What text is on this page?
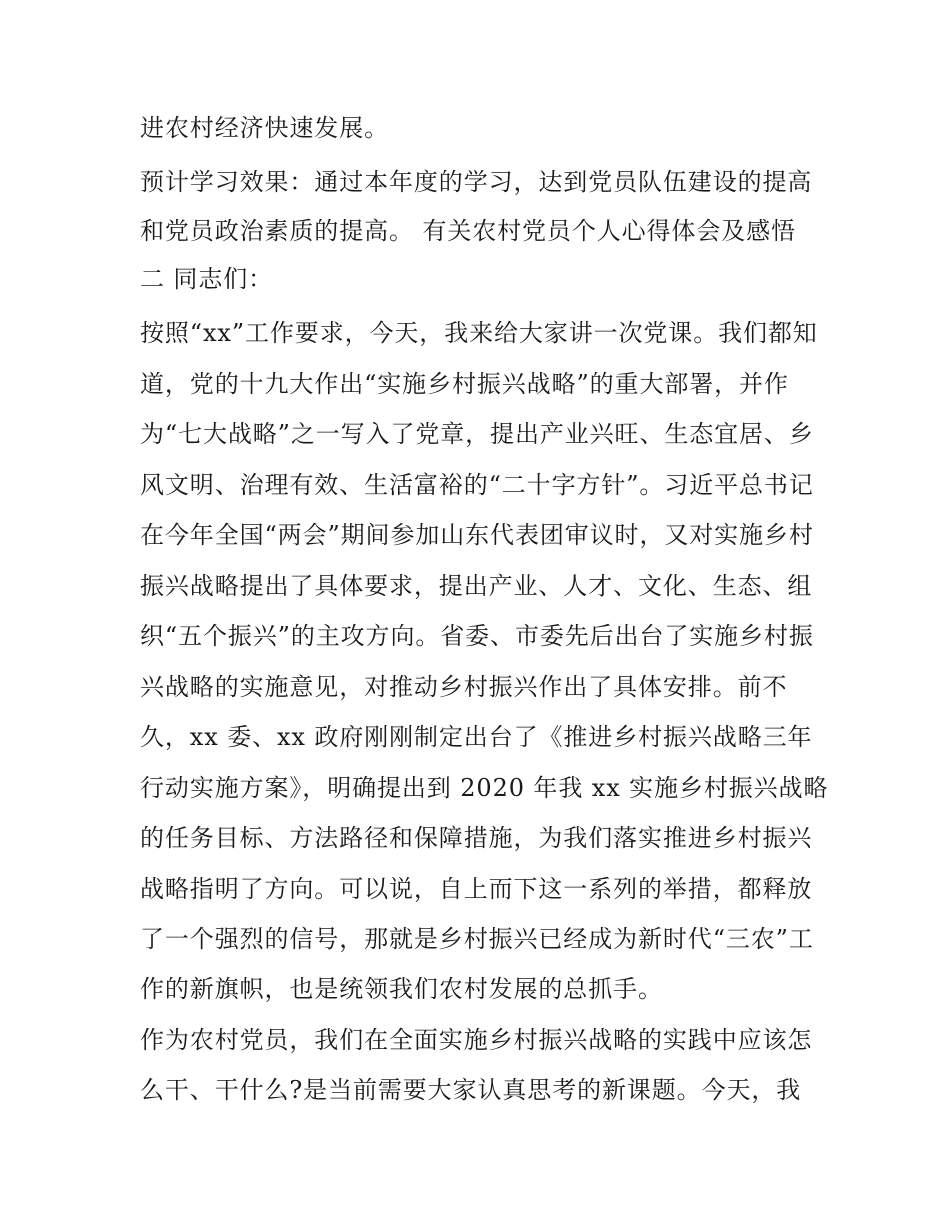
进农村经济快速发展。
预计学习效果：通过本年度的学习，达到党员队伍建设的提高
和党员政治素质的提高。 有关农村党员个人心得体会及感悟
二 同志们：
按照“xx”工作要求，今天，我来给大家讲一次党课。我们都知
道，党的十九大作出“实施乡村振兴战略”的重大部署，并作
为“七大战略”之一写入了党章，提出产业兴旺、生态宜居、乡
风文明、治理有效、生活富裕的“二十字方针”。习近平总书记
在今年全国“两会”期间参加山东代表团审议时，又对实施乡村
振兴战略提出了具体要求，提出产业、人才、文化、生态、组
织“五个振兴”的主攻方向。省委、市委先后出台了实施乡村振
兴战略的实施意见，对推动乡村振兴作出了具体安排。前不
久，xx 委、xx 政府刚刚制定出台了《推进乡村振兴战略三年
行动实施方案》，明确提出到 2020 年我 xx 实施乡村振兴战略
的任务目标、方法路径和保障措施，为我们落实推进乡村振兴
战略指明了方向。可以说，自上而下这一系列的举措，都释放
了一个强烈的信号，那就是乡村振兴已经成为新时代“三农”工
作的新旗帜，也是统领我们农村发展的总抓手。
作为农村党员，我们在全面实施乡村振兴战略的实践中应该怎
么干、干什么?是当前需要大家认真思考的新课题。今天，我
